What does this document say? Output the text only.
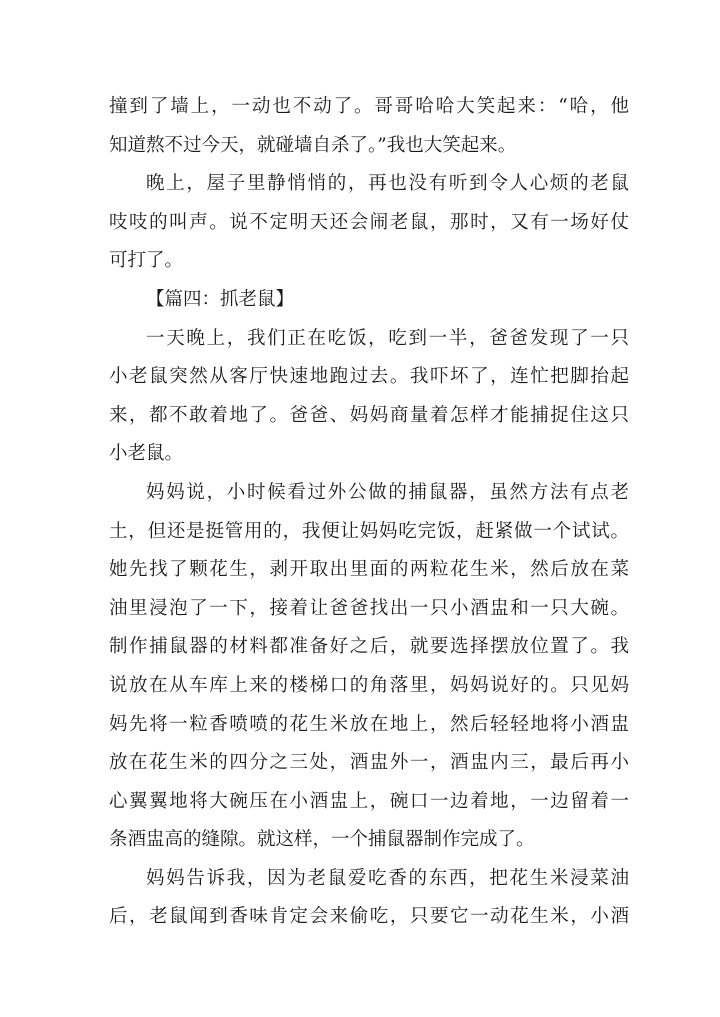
撞到了墙上，一动也不动了。哥哥哈哈大笑起来：“哈，他
知道熬不过今天，就碰墙自杀了。”我也大笑起来。
晚上，屋子里静悄悄的，再也没有听到令人心烦的老鼠
吱吱的叫声。说不定明天还会闹老鼠，那时，又有一场好仗
可打了。
【篇四：抓老鼠】
一天晚上，我们正在吃饭，吃到一半，爸爸发现了一只
小老鼠突然从客厅快速地跑过去。我吓坏了，连忙把脚抬起
来，都不敢着地了。爸爸、妈妈商量着怎样才能捕捉住这只
小老鼠。
妈妈说，小时候看过外公做的捕鼠器，虽然方法有点老
土，但还是挺管用的，我便让妈妈吃完饭，赶紧做一个试试。
她先找了颗花生，剥开取出里面的两粒花生米，然后放在菜
油里浸泡了一下，接着让爸爸找出一只小酒盅和一只大碗。
制作捕鼠器的材料都准备好之后，就要选择摆放位置了。我
说放在从车库上来的楼梯口的角落里，妈妈说好的。只见妈
妈先将一粒香喷喷的花生米放在地上，然后轻轻地将小酒盅
放在花生米的四分之三处，酒盅外一，酒盅内三，最后再小
心翼翼地将大碗压在小酒盅上，碗口一边着地，一边留着一
条酒盅高的缝隙。就这样，一个捕鼠器制作完成了。
妈妈告诉我，因为老鼠爱吃香的东西，把花生米浸菜油
后，老鼠闻到香味肯定会来偷吃，只要它一动花生米，小酒
